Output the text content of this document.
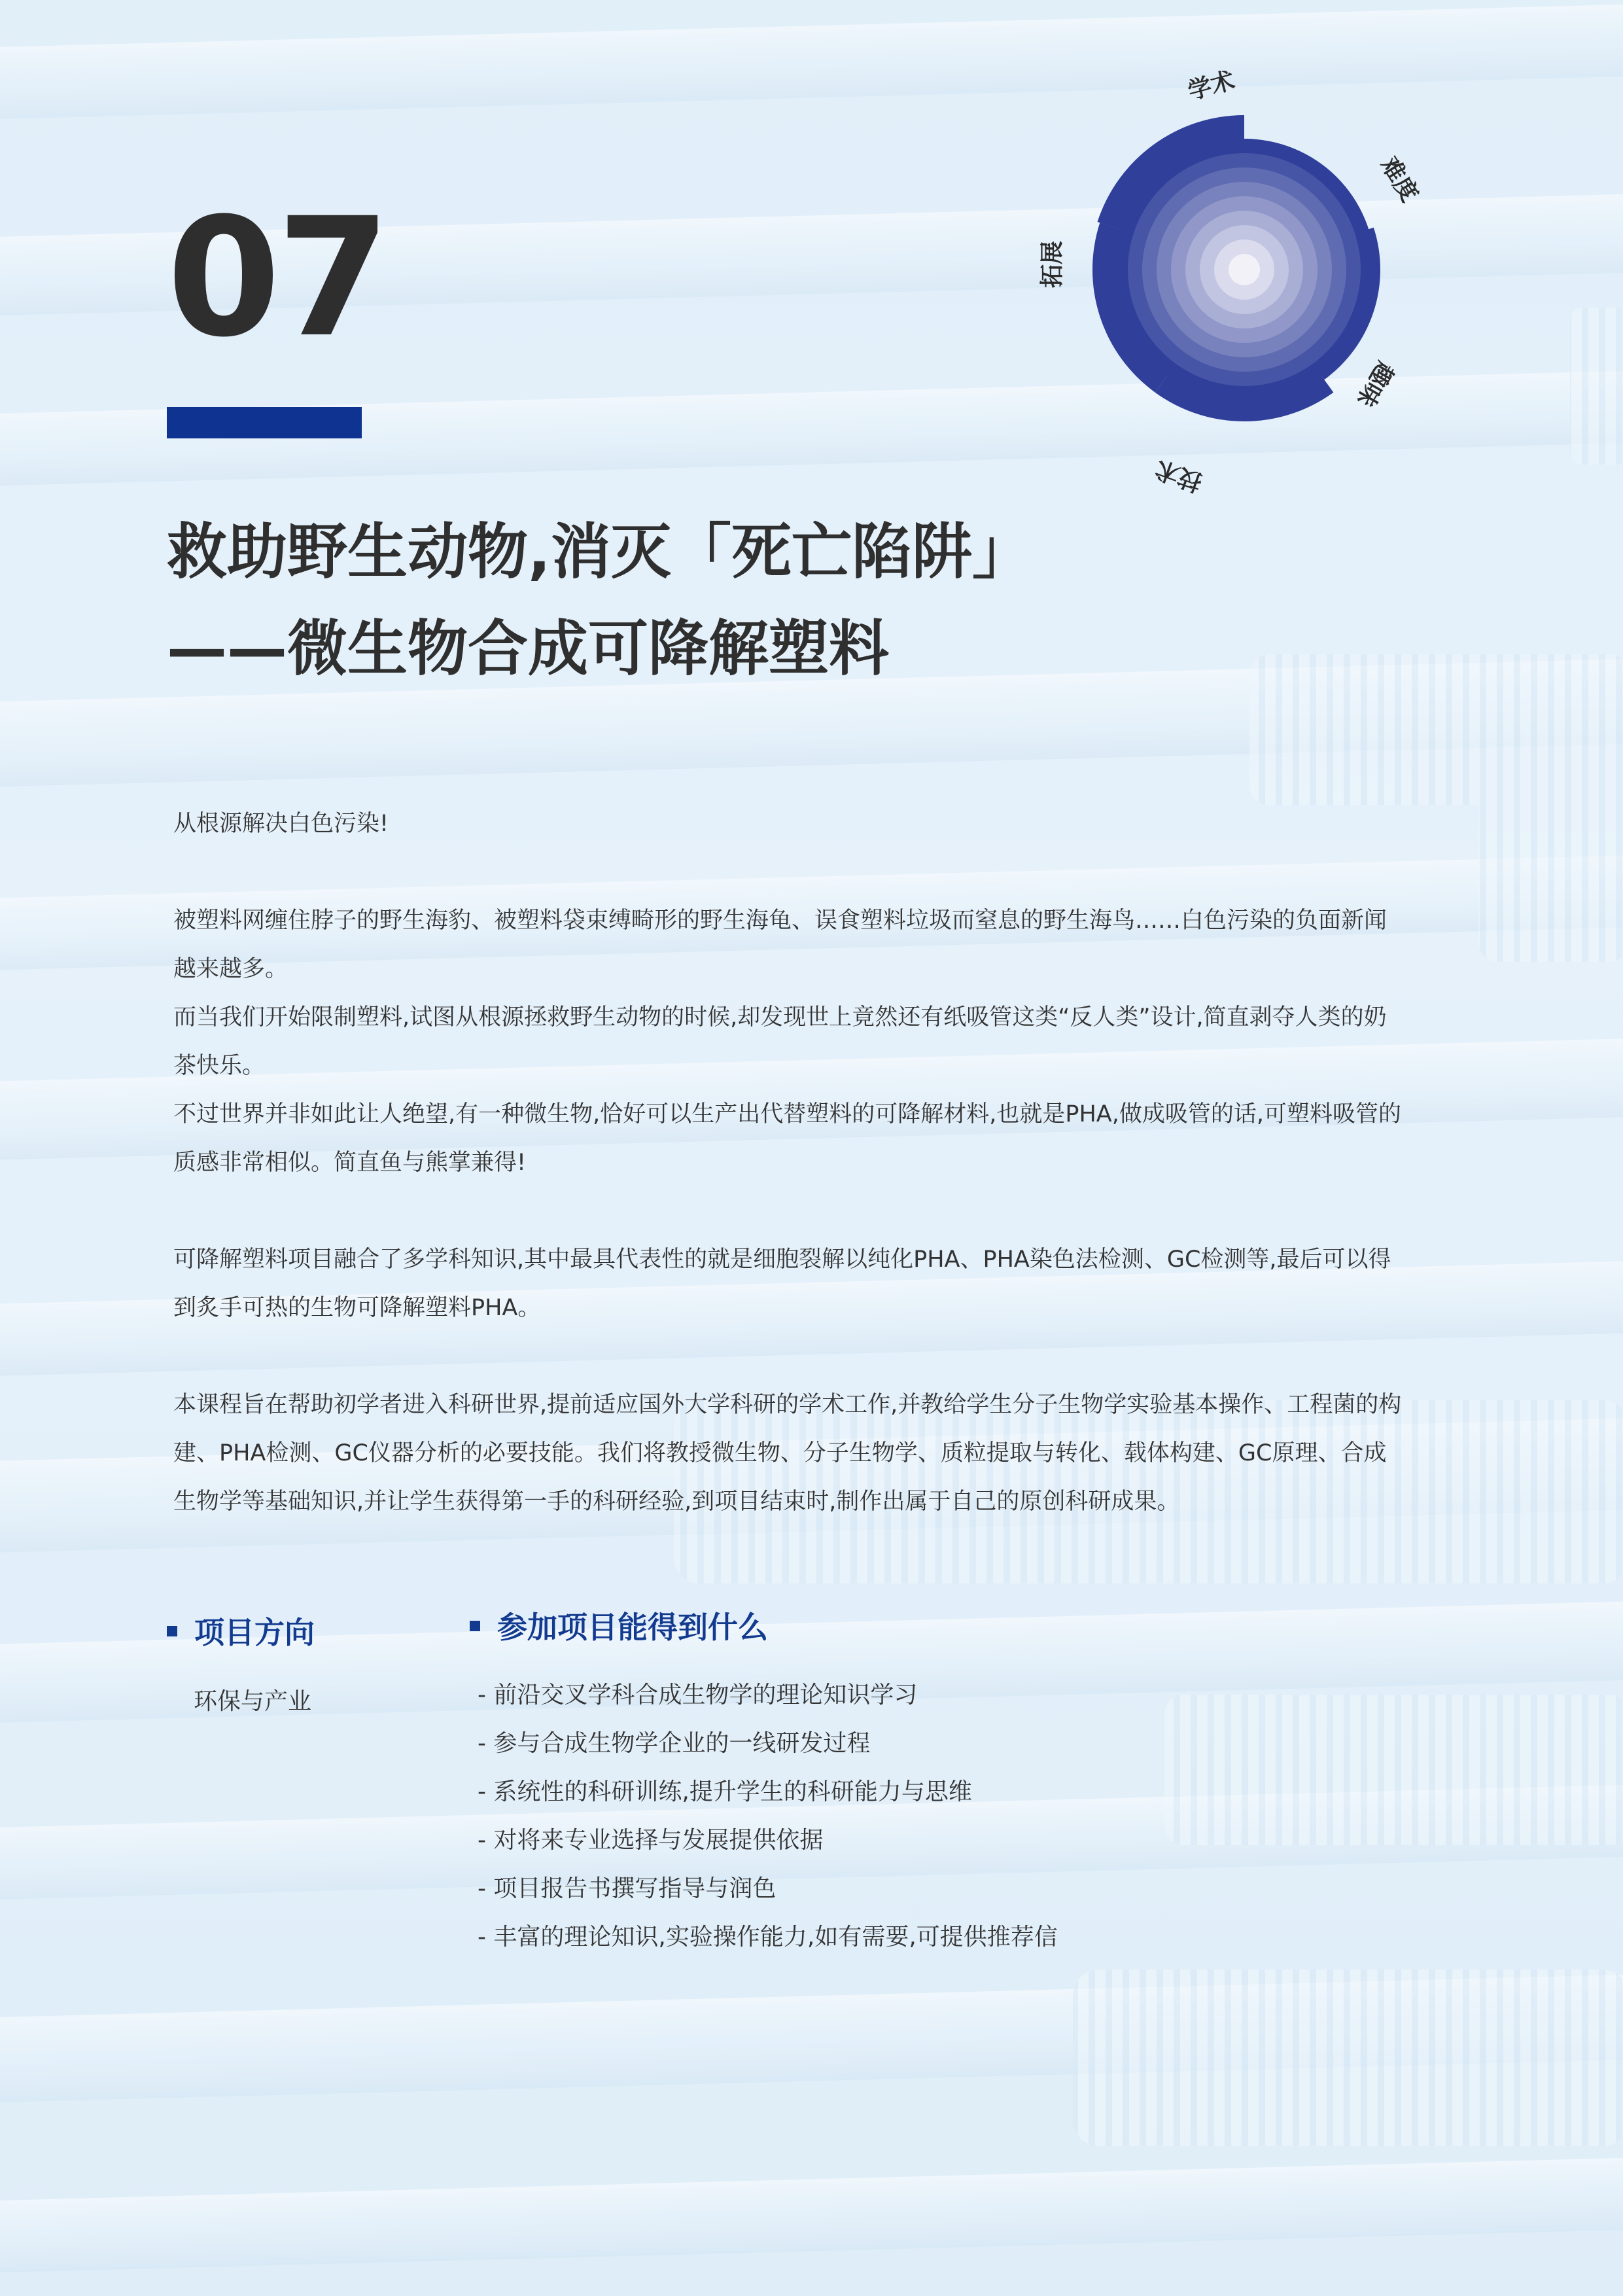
07
救助野生动物,消灭「死亡陷阱」
——微生物合成可降解塑料
学术
难度
趣味
技术
拓展

从根源解决白色污染!

被塑料网缠住脖子的野生海豹、被塑料袋束缚畸形的野生海龟、误食塑料垃圾而窒息的野生海鸟……白色污染的负面新闻越来越多。

而当我们开始限制塑料,试图从根源拯救野生动物的时候,却发现世上竟然还有纸吸管这类“反人类”设计,简直剥夺人类的奶茶快乐。

不过世界并非如此让人绝望,有一种微生物,恰好可以生产出代替塑料的可降解材料,也就是PHA,做成吸管的话,可塑料吸管的质感非常相似。简直鱼与熊掌兼得!

可降解塑料项目融合了多学科知识,其中最具代表性的就是细胞裂解以纯化PHA、PHA染色法检测、GC检测等,最后可以得到炙手可热的生物可降解塑料PHA。

本课程旨在帮助初学者进入科研世界,提前适应国外大学科研的学术工作,并教给学生分子生物学实验基本操作、工程菌的构建、PHA检测、GC仪器分析的必要技能。我们将教授微生物、分子生物学、质粒提取与转化、载体构建、GC原理、合成生物学等基础知识,并让学生获得第一手的科研经验,到项目结束时,制作出属于自己的原创科研成果。

项目方向
环保与产业
参加项目能得到什么
- 前沿交叉学科合成生物学的理论知识学习
- 参与合成生物学企业的一线研发过程
- 系统性的科研训练,提升学生的科研能力与思维
- 对将来专业选择与发展提供依据
- 项目报告书撰写指导与润色
- 丰富的理论知识,实验操作能力,如有需要,可提供推荐信
